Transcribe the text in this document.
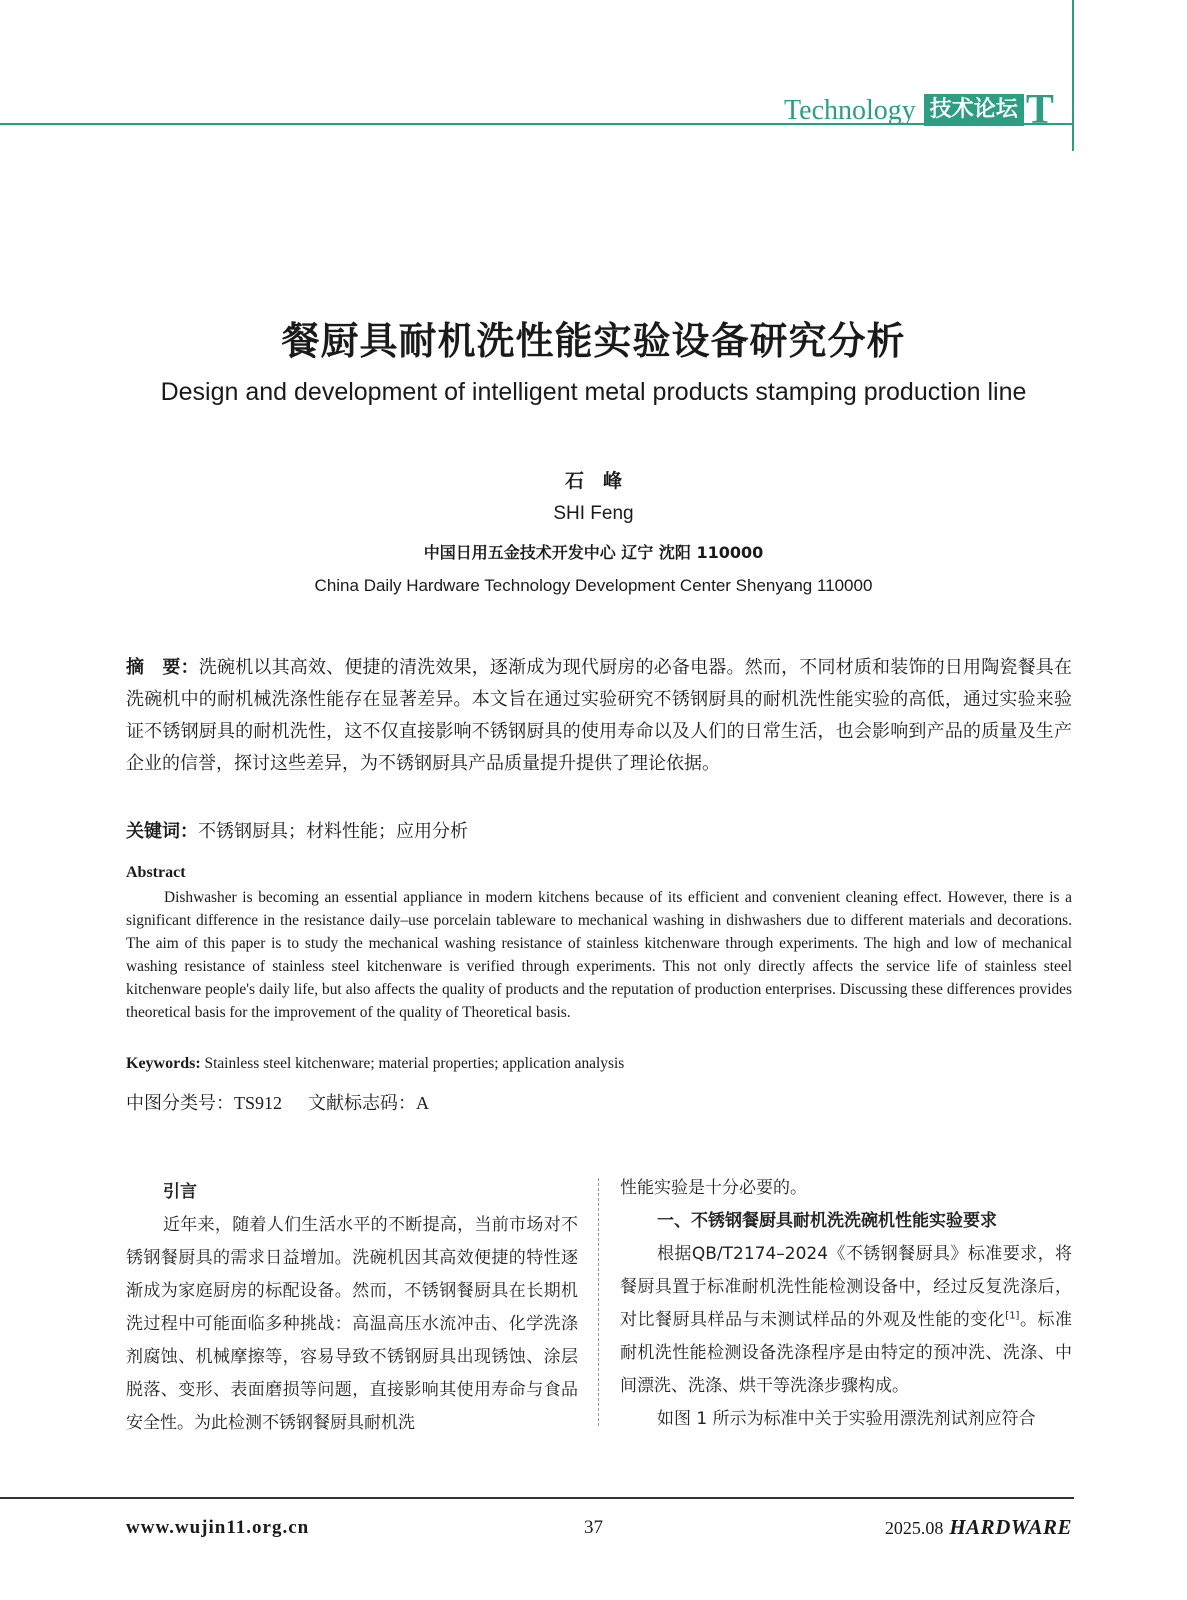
Technology 技术论坛 T
餐厨具耐机洗性能实验设备研究分析
Design and development of intelligent metal products stamping production line
石　峰
SHI Feng
中国日用五金技术开发中心 辽宁 沈阳 110000
China Daily Hardware Technology Development Center Shenyang 110000
摘　要：洗碗机以其高效、便捷的清洗效果，逐渐成为现代厨房的必备电器。然而，不同材质和装饰的日用陶瓷餐具在洗碗机中的耐机械洗涤性能存在显著差异。本文旨在通过实验研究不锈钢厨具的耐机洗性能实验的高低，通过实验来验证不锈钢厨具的耐机洗性，这不仅直接影响不锈钢厨具的使用寿命以及人们的日常生活，也会影响到产品的质量及生产企业的信誉，探讨这些差异，为不锈钢厨具产品质量提升提供了理论依据。
关键词：不锈钢厨具；材料性能；应用分析
Abstract
Dishwasher is becoming an essential appliance in modern kitchens because of its efficient and convenient cleaning effect. However, there is a significant difference in the resistance daily–use porcelain tableware to mechanical washing in dishwashers due to different materials and decorations. The aim of this paper is to study the mechanical washing resistance of stainless kitchenware through experiments. The high and low of mechanical washing resistance of stainless steel kitchenware is verified through experiments. This not only directly affects the service life of stainless steel kitchenware people's daily life, but also affects the quality of products and the reputation of production enterprises. Discussing these differences provides theoretical basis for the improvement of the quality of Theoretical basis.
Keywords: Stainless steel kitchenware; material properties; application analysis
中图分类号：TS912 文献标志码：A
引言

近年来，随着人们生活水平的不断提高，当前市场对不锈钢餐厨具的需求日益增加。洗碗机因其高效便捷的特性逐渐成为家庭厨房的标配设备。然而，不锈钢餐厨具在长期机洗过程中可能面临多种挑战：高温高压水流冲击、化学洗涤剂腐蚀、机械摩擦等，容易导致不锈钢厨具出现锈蚀、涂层脱落、变形、表面磨损等问题，直接影响其使用寿命与食品安全性。为此检测不锈钢餐厨具耐机洗

性能实验是十分必要的。

一、不锈钢餐厨具耐机洗洗碗机性能实验要求

根据QB/T2174–2024《不锈钢餐厨具》标准要求，将餐厨具置于标准耐机洗性能检测设备中，经过反复洗涤后，对比餐厨具样品与未测试样品的外观及性能的变化[1]。标准耐机洗性能检测设备洗涤程序是由特定的预冲洗、洗涤、中间漂洗、洗涤、烘干等洗涤步骤构成。

如图 1 所示为标准中关于实验用漂洗剂试剂应符合

www.wujin11.org.cn	37	2025.08 HARDWARE
